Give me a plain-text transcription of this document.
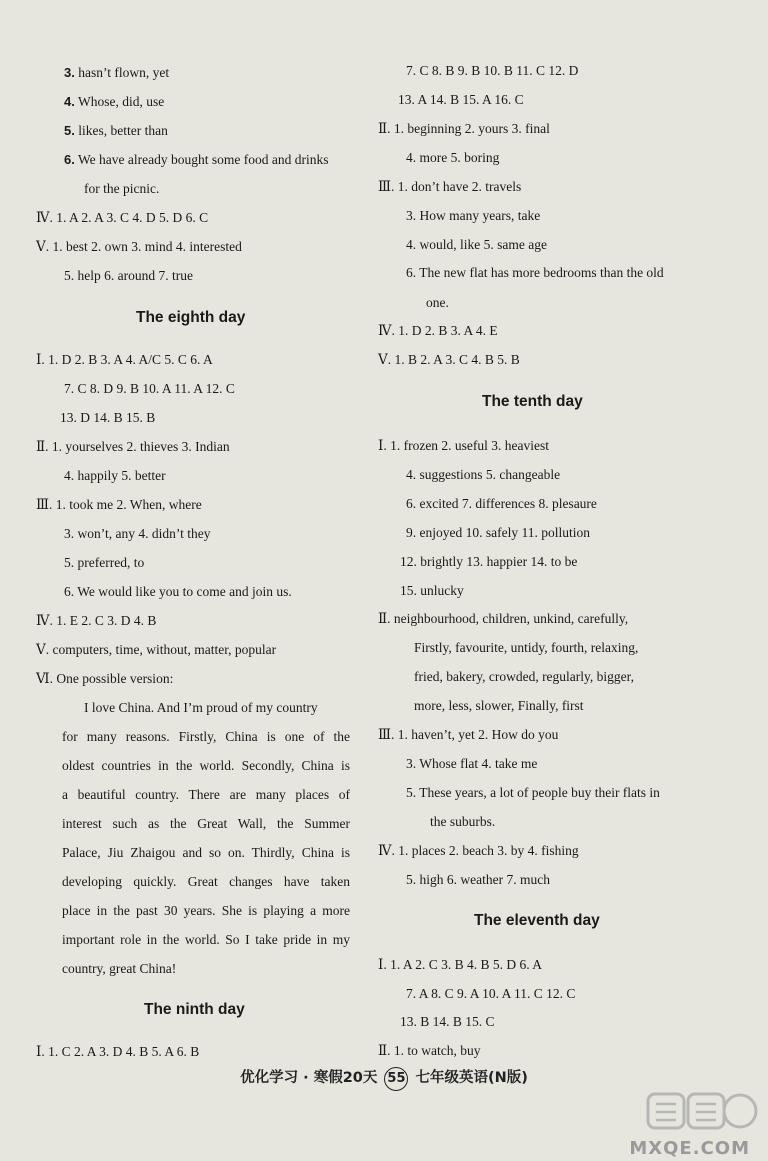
3. hasn’t flown, yet
4. Whose, did, use
5. likes, better than
6. We have already bought some food and drinks
for the picnic.
Ⅳ. 1. A 2. A 3. C 4. D 5. D 6. C
Ⅴ. 1. best 2. own 3. mind 4. interested
5. help 6. around 7. true
The eighth day
Ⅰ. 1. D 2. B 3. A 4. A/C 5. C 6. A
7. C 8. D 9. B 10. A 11. A 12. C
13. D 14. B 15. B
Ⅱ. 1. yourselves 2. thieves 3. Indian
4. happily 5. better
Ⅲ. 1. took me 2. When, where
3. won’t, any 4. didn’t they
5. preferred, to
6. We would like you to come and join us.
Ⅳ. 1. E 2. C 3. D 4. B
Ⅴ. computers, time, without, matter, popular
Ⅵ. One possible version:
I love China. And I’m proud of my country
for many reasons. Firstly, China is one of the
oldest countries in the world. Secondly, China is
a beautiful country. There are many places of
interest such as the Great Wall, the Summer
Palace, Jiu Zhaigou and so on. Thirdly, China is
developing quickly. Great changes have taken
place in the past 30 years. She is playing a more
important role in the world. So I take pride in my
country, great China!
The ninth day
Ⅰ. 1. C 2. A 3. D 4. B 5. A 6. B
7. C 8. B 9. B 10. B 11. C 12. D
13. A 14. B 15. A 16. C
Ⅱ. 1. beginning 2. yours 3. final
4. more 5. boring
Ⅲ. 1. don’t have 2. travels
3. How many years, take
4. would, like 5. same age
6. The new flat has more bedrooms than the old
one.
Ⅳ. 1. D 2. B 3. A 4. E
Ⅴ. 1. B 2. A 3. C 4. B 5. B
The tenth day
Ⅰ. 1. frozen 2. useful 3. heaviest
4. suggestions 5. changeable
6. excited 7. differences 8. plesaure
9. enjoyed 10. safely 11. pollution
12. brightly 13. happier 14. to be
15. unlucky
Ⅱ. neighbourhood, children, unkind, carefully,
Firstly, favourite, untidy, fourth, relaxing,
fried, bakery, crowded, regularly, bigger,
more, less, slower, Finally, first
Ⅲ. 1. haven’t, yet 2. How do you
3. Whose flat 4. take me
5. These years, a lot of people buy their flats in
the suburbs.
Ⅳ. 1. places 2. beach 3. by 4. fishing
5. high 6. weather 7. much
The eleventh day
Ⅰ. 1. A 2. C 3. B 4. B 5. D 6. A
7. A 8. C 9. A 10. A 11. C 12. C
13. B 14. B 15. C
Ⅱ. 1. to watch, buy
优化学习 · 寒假20天 55 七年级英语(N版)
MXQE.COM
